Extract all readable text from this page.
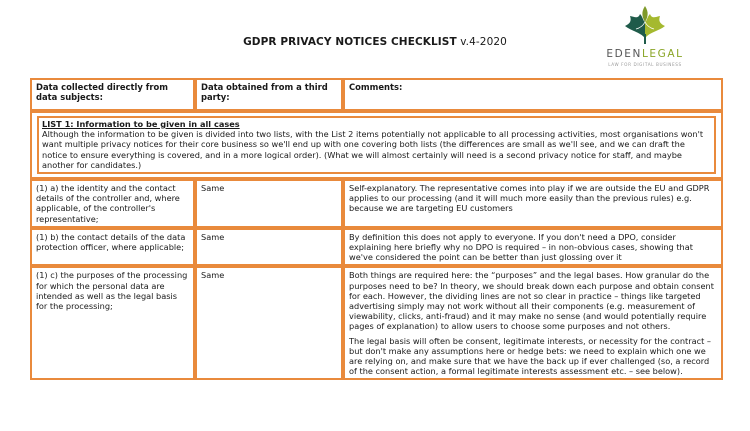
GDPR PRIVACY NOTICES CHECKLIST v.4-2020
EDENLEGAL
LAW FOR DIGITAL BUSINESS
Data collected directly from data subjects:	Data obtained from a third party:	Comments:

LIST 1: Information to be given in all cases
Although the information to be given is divided into two lists, with the List 2 items potentially not applicable to all processing activities, most organisations won't want multiple privacy notices for their core business so we'll end up with one covering both lists (the differences are small as we'll see, and we can draft the notice to ensure everything is covered, and in a more logical order). (What we will almost certainly will need is a second privacy notice for staff, and maybe another for candidates.)		

(1) a) the identity and the contact details of the controller and, where applicable, of the controller's representative;	Same	Self-explanatory. The representative comes into play if we are outside the EU and GDPR applies to our processing (and it will much more easily than the previous rules) e.g. because we are targeting EU customers

(1) b) the contact details of the data protection officer, where applicable;	Same	By definition this does not apply to everyone. If you don't need a DPO, consider explaining here briefly why no DPO is required – in non-obvious cases, showing that we've considered the point can be better than just glossing over it

(1) c) the purposes of the processing for which the personal data are intended as well as the legal basis for the processing;	Same	Both things are required here: the “purposes” and the legal bases. How granular do the purposes need to be? In theory, we should break down each purpose and obtain consent for each. However, the dividing lines are not so clear in practice – things like targeted advertising simply may not work without all their components (e.g. measurement of viewability, clicks, anti-fraud) and it may make no sense (and would potentially require pages of explanation) to allow users to choose some purposes and not others.

The legal basis will often be consent, legitimate interests, or necessity for the contract – but don't make any assumptions here or hedge bets: we need to explain which one we are relying on, and make sure that we have the back up if ever challenged (so, a record of the consent action, a formal legitimate interests assessment etc. – see below).
